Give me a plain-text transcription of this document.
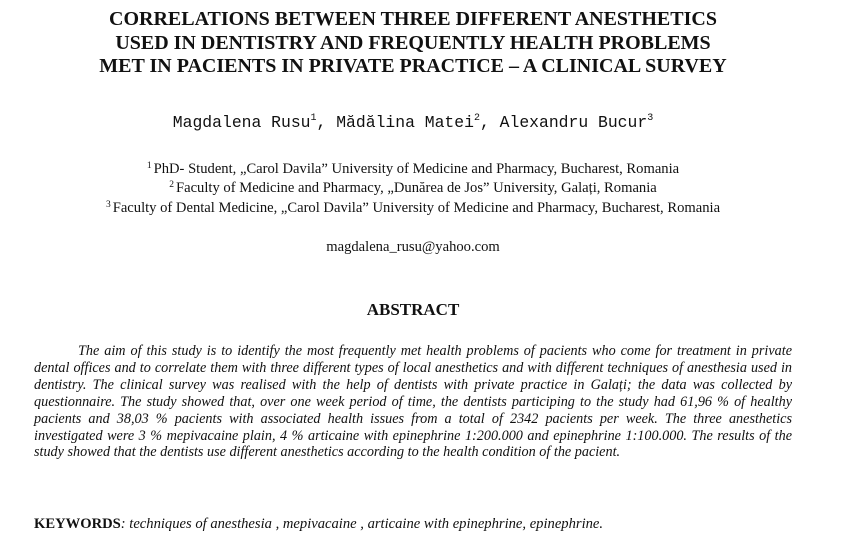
CORRELATIONS BETWEEN THREE DIFFERENT ANESTHETICS
USED IN DENTISTRY AND FREQUENTLY HEALTH PROBLEMS
MET IN PACIENTS IN PRIVATE PRACTICE – A CLINICAL SURVEY
Magdalena Rusu$^1$, Mădălina Matei$^2$, Alexandru Bucur$^3$
$^1$ PhD- Student, „Carol Davila” University of Medicine and Pharmacy, Bucharest, Romania
$^2$ Faculty of Medicine and Pharmacy, „Dunărea de Jos” University, Galați, Romania
$^3$ Faculty of Dental Medicine, „Carol Davila” University of Medicine and Pharmacy, Bucharest, Romania
magdalena_rusu@yahoo.com
ABSTRACT

The aim of this study is to identify the most frequently met health problems of pacients who come for treatment in private dental offices and to correlate them with three different types of local anesthetics and with different techniques of anesthesia used in dentistry. The clinical survey was realised with the help of dentists with private practice in Galați; the data was collected by questionnaire. The study showed that, over one week period of time, the dentists participing to the study had 61,96 % of healthy pacients and 38,03 % pacients with associated health issues from a total of 2342 pacients per week. The three anesthetics investigated were 3 % mepivacaine plain, 4 % articaine with epinephrine 1:200.000 and epinephrine 1:100.000. The results of the study showed that the dentists use different anesthetics according to the health condition of the pacient.

KEYWORDS: techniques of anesthesia , mepivacaine , articaine with epinephrine, epinephrine.
